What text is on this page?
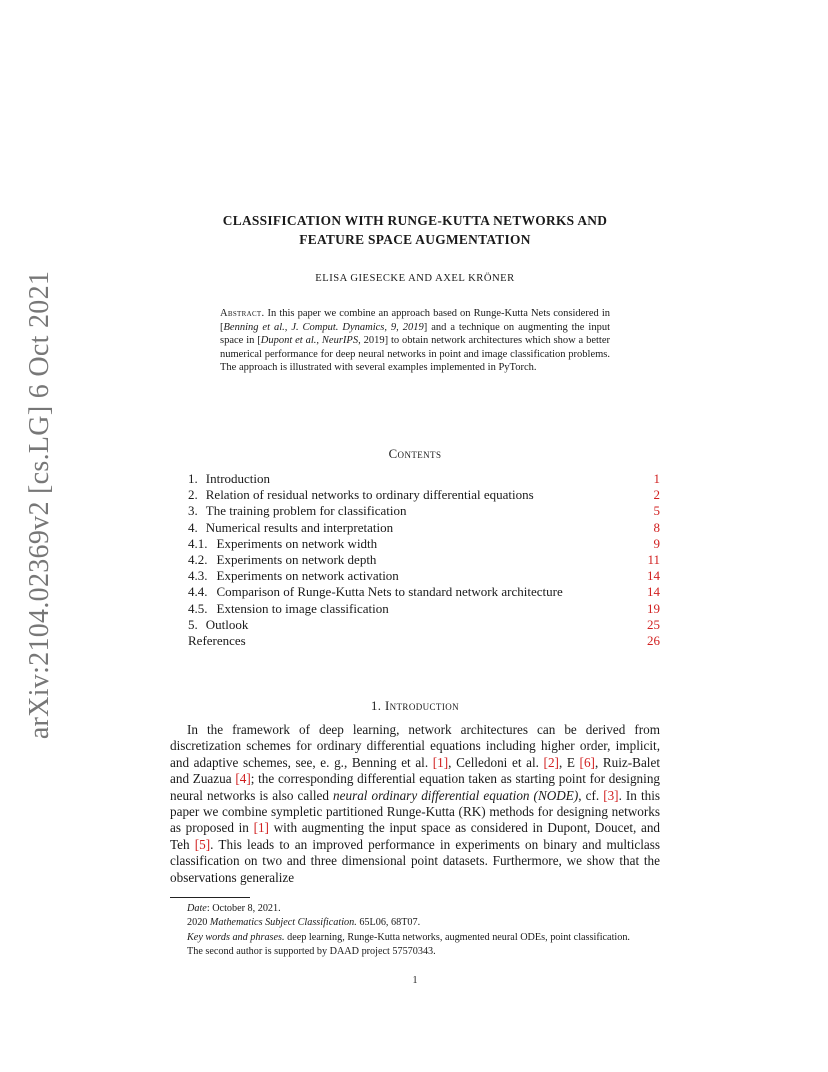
arXiv:2104.02369v2 [cs.LG] 6 Oct 2021
CLASSIFICATION WITH RUNGE-KUTTA NETWORKS AND
FEATURE SPACE AUGMENTATION
ELISA GIESECKE AND AXEL KRÖNER
Abstract. In this paper we combine an approach based on Runge-Kutta Nets considered in [Benning et al., J. Comput. Dynamics, 9, 2019] and a technique on augmenting the input space in [Dupont et al., NeurIPS, 2019] to obtain network architectures which show a better numerical performance for deep neural networks in point and image classification problems. The approach is illustrated with several examples implemented in PyTorch.
Contents
1. Introduction	1
2. Relation of residual networks to ordinary differential equations	2
3. The training problem for classification	5
4. Numerical results and interpretation	8
4.1. Experiments on network width	9
4.2. Experiments on network depth	11
4.3. Experiments on network activation	14
4.4. Comparison of Runge-Kutta Nets to standard network architecture	14
4.5. Extension to image classification	19
5. Outlook	25
References	26
1. Introduction
In the framework of deep learning, network architectures can be derived from discretization schemes for ordinary differential equations including higher order, implicit, and adaptive schemes, see, e. g., Benning et al. [1], Celledoni et al. [2], E [6], Ruiz-Balet and Zuazua [4]; the corresponding differential equation taken as starting point for designing neural networks is also called neural ordinary differential equation (NODE), cf. [3]. In this paper we combine sympletic partitioned Runge-Kutta (RK) methods for designing networks as proposed in [1] with augmenting the input space as considered in Dupont, Doucet, and Teh [5]. This leads to an improved performance in experiments on binary and multiclass classification on two and three dimensional point datasets. Furthermore, we show that the observations generalize
Date: October 8, 2021.
2020 Mathematics Subject Classification. 65L06, 68T07.
Key words and phrases. deep learning, Runge-Kutta networks, augmented neural ODEs, point classification.
The second author is supported by DAAD project 57570343.
1
